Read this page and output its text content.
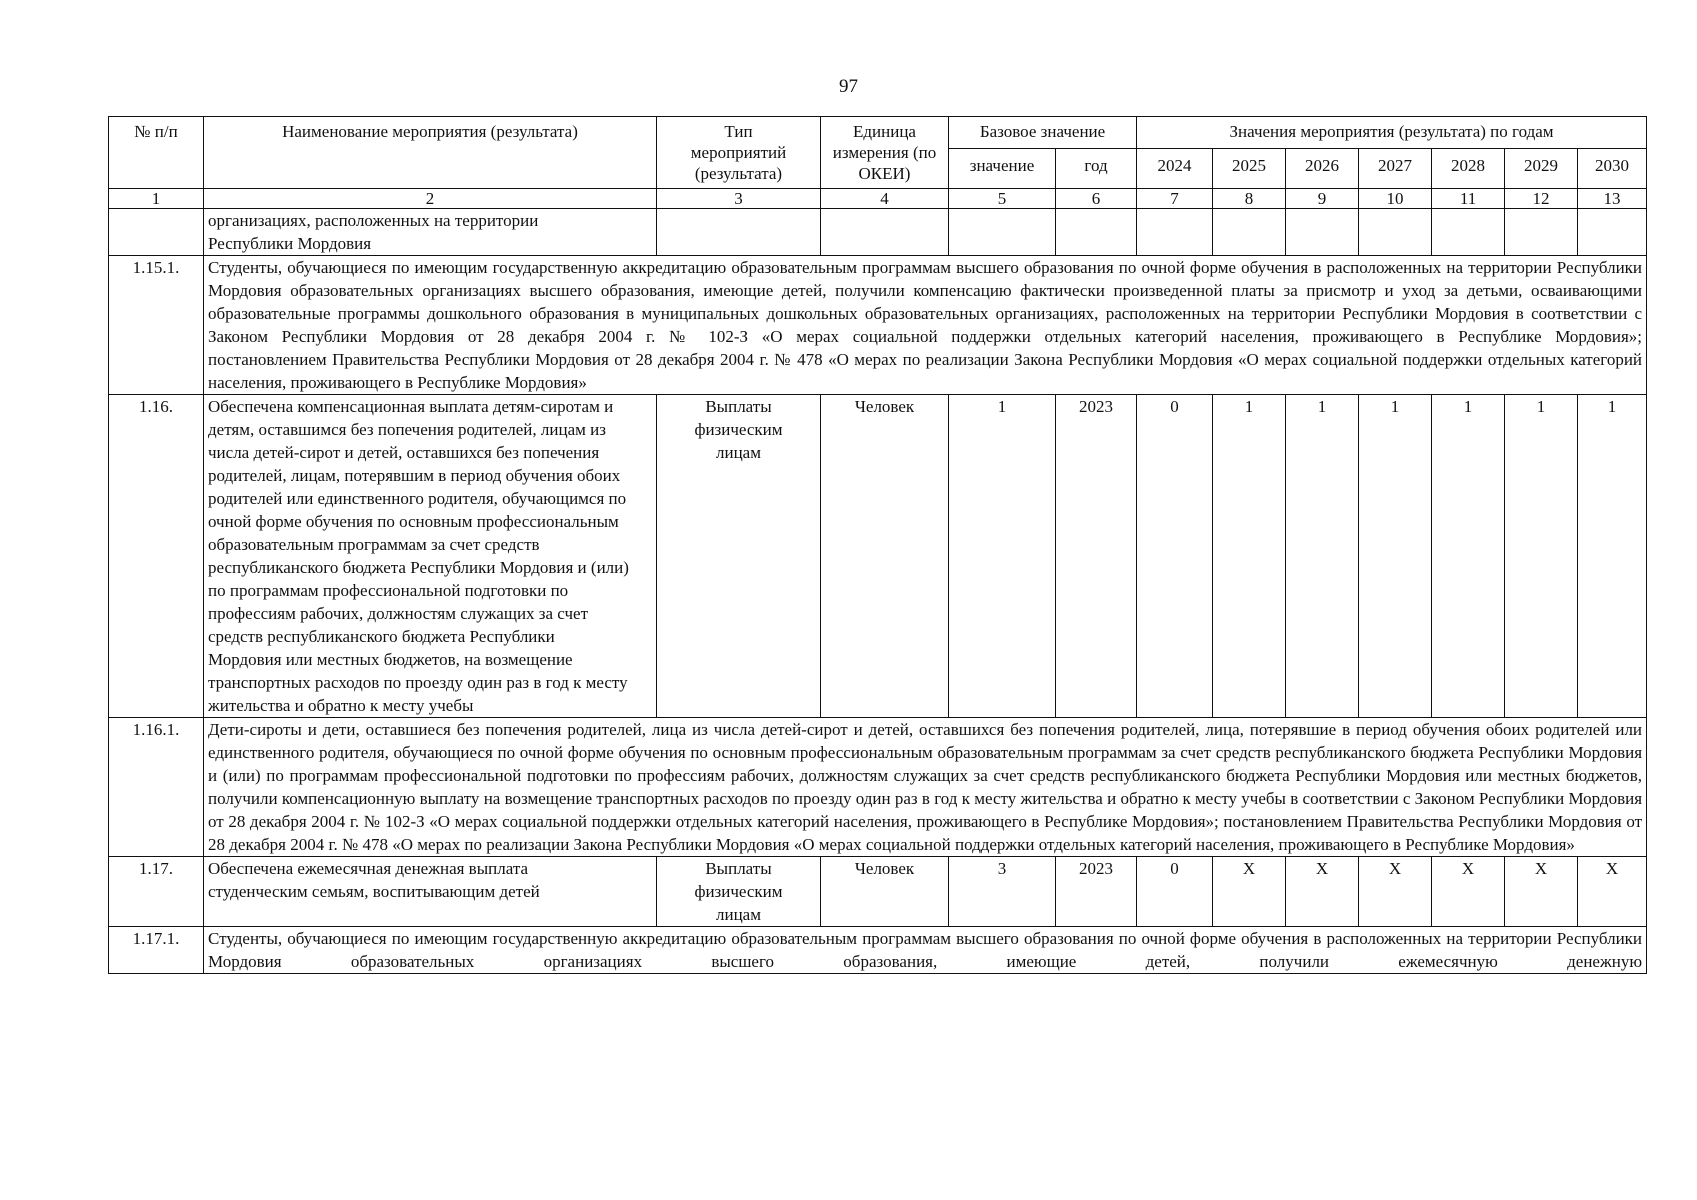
97
№ п/п	Наименование мероприятия (результата)	Тип мероприятий (результата)	Единица измерения (по ОКЕИ)	Базовое значение		Значения мероприятия (результата) по годам						
				значение	год	2024	2025	2026	2027	2028	2029	2030
1	2	3	4	5	6	7	8	9	10	11	12	13
	организациях, расположенных на территории Республики Мордовия											
1.15.1.	Студенты, обучающиеся по имеющим государственную аккредитацию образовательным программам высшего образования по очной форме обучения в расположенных на территории Республики Мордовия образовательных организациях высшего образования, имеющие детей, получили компенсацию фактически произведенной платы за присмотр и уход за детьми, осваивающими образовательные программы дошкольного образования в муниципальных дошкольных образовательных организациях, расположенных на территории Республики Мордовия в соответствии с Законом Республики Мордовия от 28 декабря 2004 г. № 102-З «О мерах социальной поддержки отдельных категорий населения, проживающего в Республике Мордовия»;
постановлением Правительства Республики Мордовия от 28 декабря 2004 г. № 478 «О мерах по реализации Закона Республики Мордовия «О мерах социальной поддержки отдельных категорий населения, проживающего в Республике Мордовия»											

1.16.	Обеспечена компенсационная выплата детям-сиротам и детям, оставшимся без попечения родителей, лицам из числа детей-сирот и детей, оставшихся без попечения родителей, лицам, потерявшим в период обучения обоих родителей или единственного родителя, обучающимся по очной форме обучения по основным профессиональным образовательным программам за счет средств республиканского бюджета Республики Мордовия и (или) по программам профессиональной подготовки по профессиям рабочих, должностям служащих за счет средств республиканского бюджета Республики Мордовия или местных бюджетов, на возмещение транспортных расходов по проезду один раз в год к месту жительства и обратно к месту учебы	Выплаты физическим лицам	Человек	1	2023	0	1	1	1	1	1	1
1.16.1.	Дети-сироты и дети, оставшиеся без попечения родителей, лица из числа детей-сирот и детей, оставшихся без попечения родителей, лица, потерявшие в период обучения обоих родителей или единственного родителя, обучающиеся по очной форме обучения по основным профессиональным образовательным программам за счет средств республиканского бюджета Республики Мордовия и (или) по программам профессиональной подготовки по профессиям рабочих, должностям служащих за счет средств республиканского бюджета Республики Мордовия или местных бюджетов, получили компенсационную выплату на возмещение транспортных расходов по проезду один раз в год к месту жительства и обратно к месту учебы в соответствии с Законом Республики Мордовия от 28 декабря 2004 г. № 102-З «О мерах социальной поддержки отдельных категорий населения, проживающего в Республике Мордовия»; постановлением Правительства Республики Мордовия от 28 декабря 2004 г. № 478 «О мерах по реализации Закона Республики Мордовия «О мерах социальной поддержки отдельных категорий населения, проживающего в Республике Мордовия»											
1.17.	Обеспечена ежемесячная денежная выплата студенческим семьям, воспитывающим детей	Выплаты физическим лицам	Человек	3	2023	0	X	X	X	X	X	X
1.17.1.	Студенты, обучающиеся по имеющим государственную аккредитацию образовательным программам высшего образования по очной форме обучения в расположенных на территории Республики Мордовия образовательных организациях высшего образования, имеющие детей, получили ежемесячную денежную											
